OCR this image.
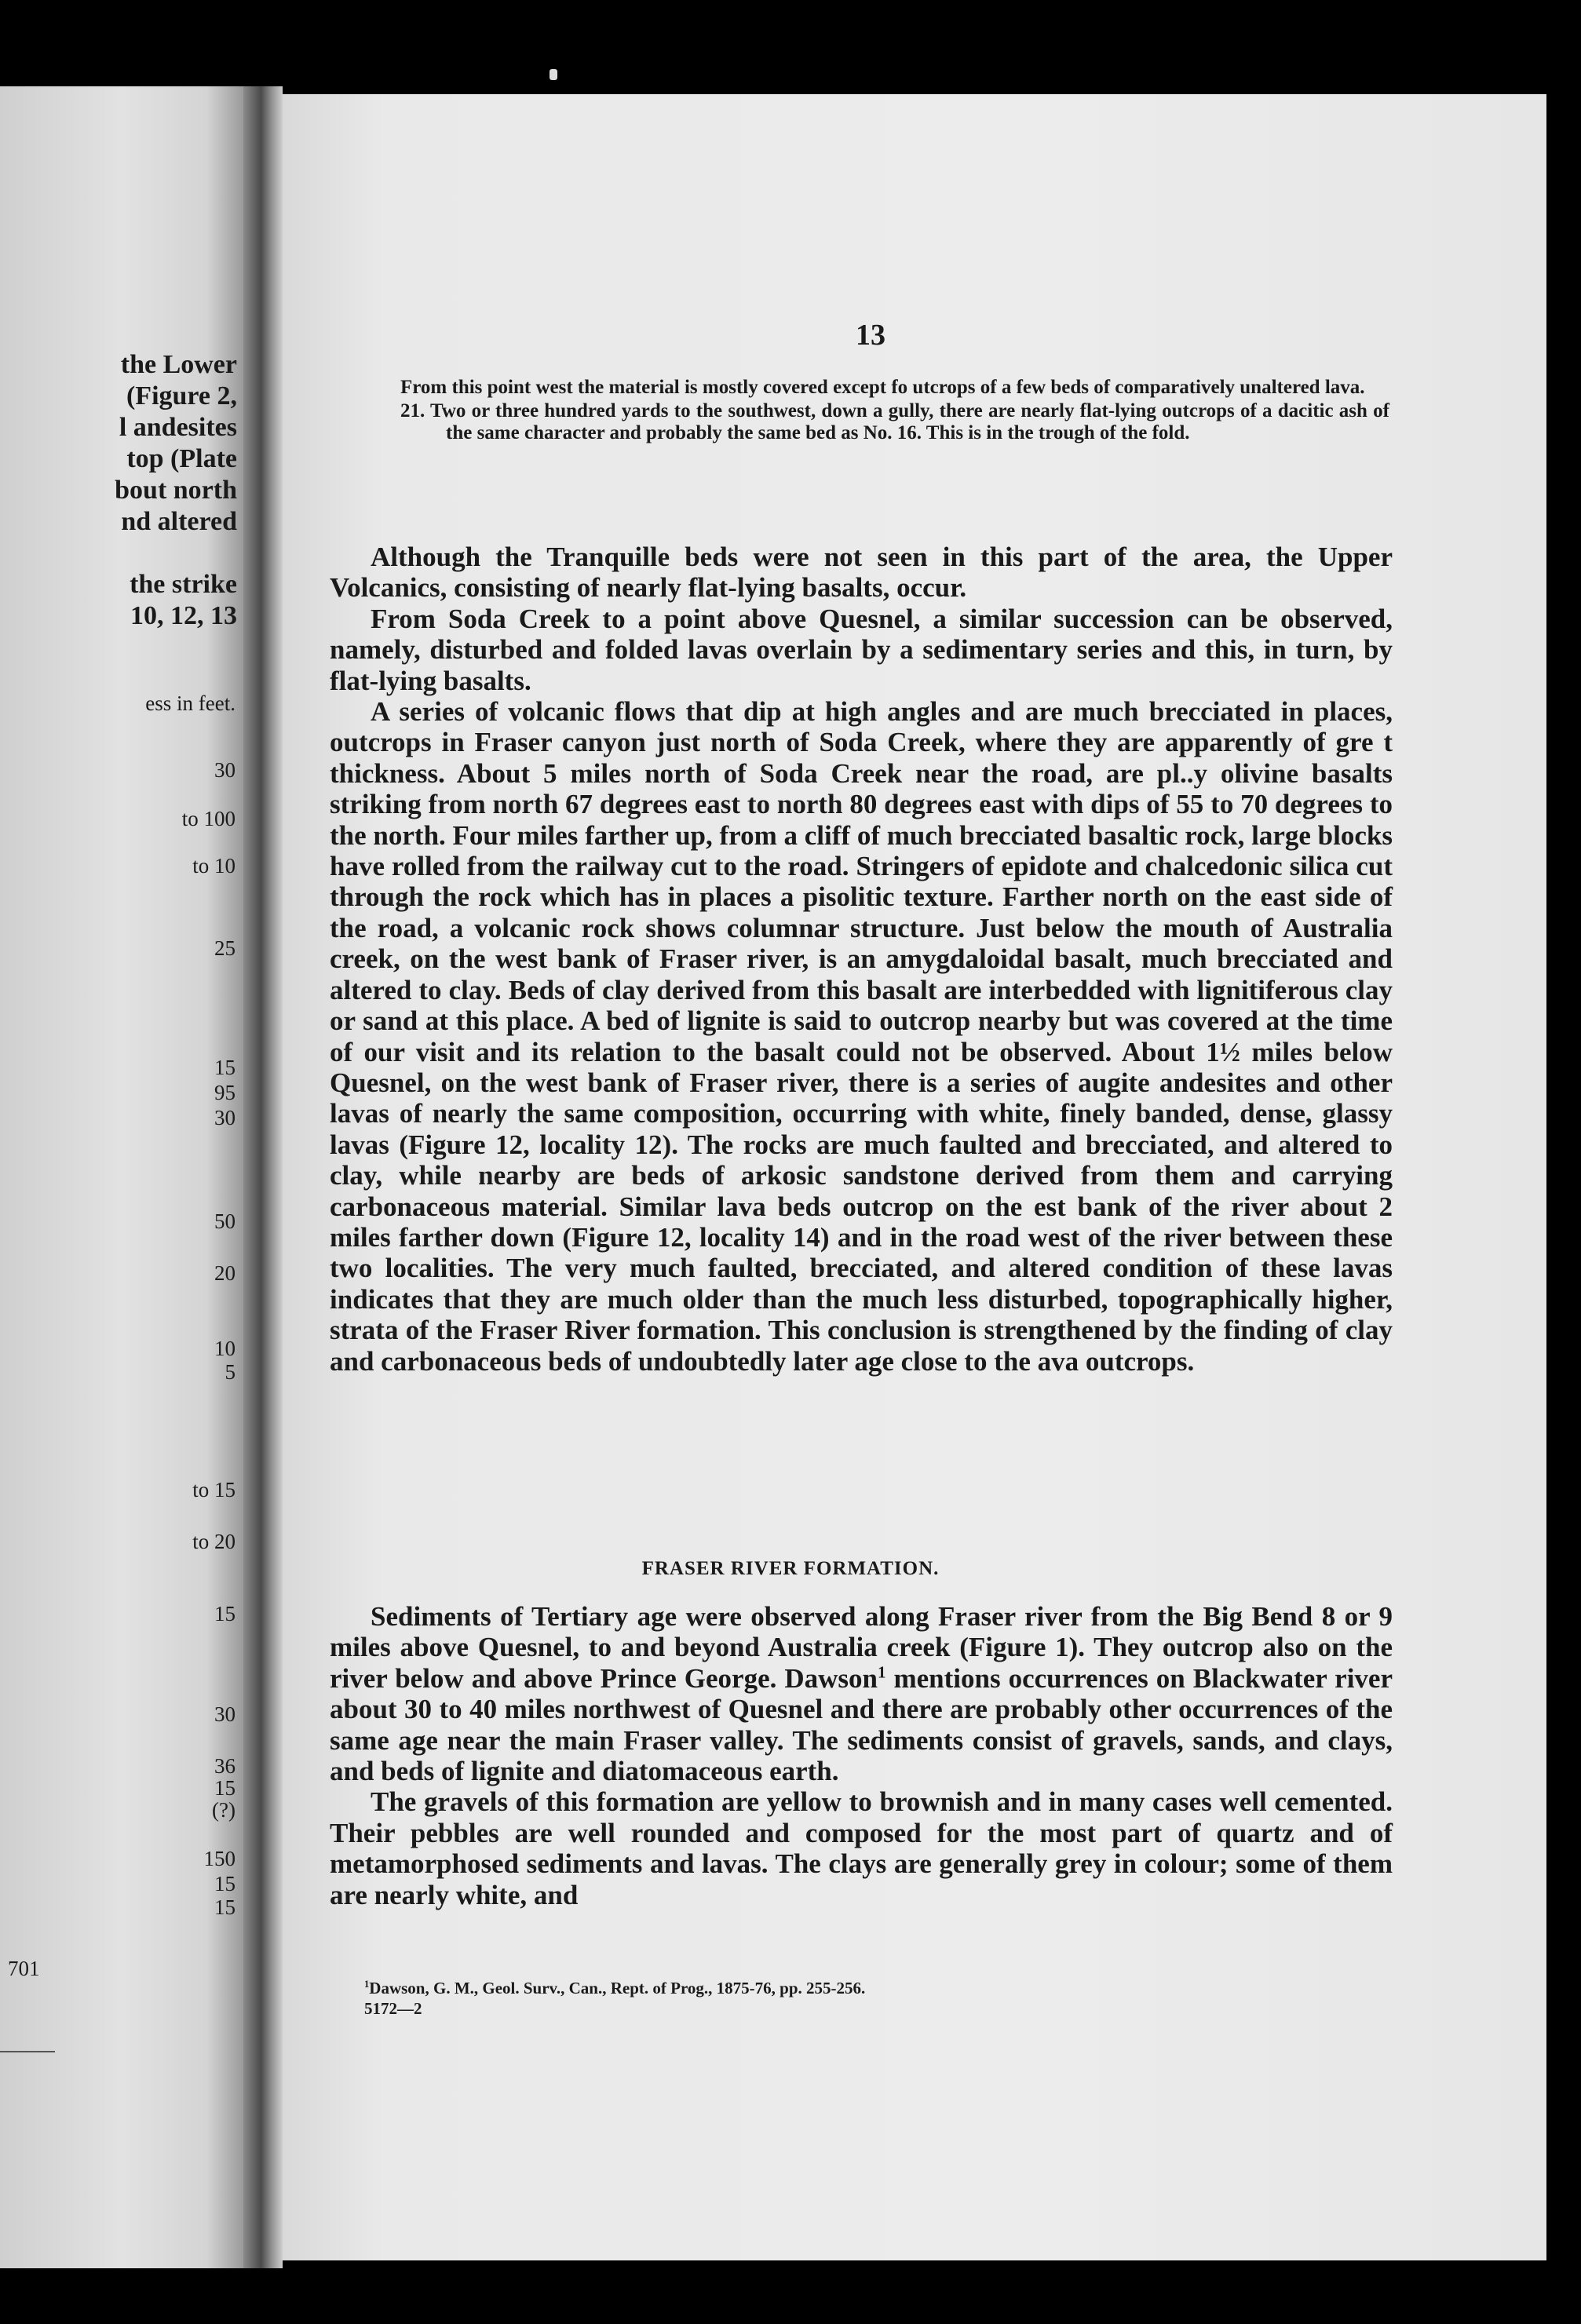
the Lower
(Figure 2,
l andesites
top (Plate
bout north
nd altered
the strike
10, 12, 13
ess in feet.
30
to 100
to 10
25
15
95
30
50
20
10
5
to 15
to 20
15
30
36
15
(?)
150
15
15
701
13

From this point west the material is mostly covered except fo utcrops of a few beds of comparatively unaltered lava.

21. Two or three hundred yards to the southwest, down a gully, there are nearly flat-lying outcrops of a dacitic ash of the same character and probably the same bed as No. 16. This is in the trough of the fold.

Although the Tranquille beds were not seen in this part of the area, the Upper Volcanics, consisting of nearly flat-lying basalts, occur.

From Soda Creek to a point above Quesnel, a similar succession can be observed, namely, disturbed and folded lavas overlain by a sedimentary series and this, in turn, by flat-lying basalts.

A series of volcanic flows that dip at high angles and are much brecciated in places, outcrops in Fraser canyon just north of Soda Creek, where they are apparently of gre t thickness. About 5 miles north of Soda Creek near the road, are pl..y olivine basalts striking from north 67 degrees east to north 80 degrees east with dips of 55 to 70 degrees to the north. Four miles farther up, from a cliff of much brecciated basaltic rock, large blocks have rolled from the railway cut to the road. Stringers of epidote and chalcedonic silica cut through the rock which has in places a pisolitic texture. Farther north on the east side of the road, a volcanic rock shows columnar structure. Just below the mouth of Australia creek, on the west bank of Fraser river, is an amygdaloidal basalt, much brecciated and altered to clay. Beds of clay derived from this basalt are interbedded with lignitiferous clay or sand at this place. A bed of lignite is said to outcrop nearby but was covered at the time of our visit and its relation to the basalt could not be observed. About 1½ miles below Quesnel, on the west bank of Fraser river, there is a series of augite andesites and other lavas of nearly the same composition, occurring with white, finely banded, dense, glassy lavas (Figure 12, locality 12). The rocks are much faulted and brecciated, and altered to clay, while nearby are beds of arkosic sandstone derived from them and carrying carbonaceous material. Similar lava beds outcrop on the est bank of the river about 2 miles farther down (Figure 12, locality 14) and in the road west of the river between these two localities. The very much faulted, brecciated, and altered condition of these lavas indicates that they are much older than the much less disturbed, topographically higher, strata of the Fraser River formation. This conclusion is strengthened by the finding of clay and carbonaceous beds of undoubtedly later age close to the ava outcrops.

FRASER RIVER FORMATION.

Sediments of Tertiary age were observed along Fraser river from the Big Bend 8 or 9 miles above Quesnel, to and beyond Australia creek (Figure 1). They outcrop also on the river below and above Prince George. Dawson$^1$ mentions occurrences on Blackwater river about 30 to 40 miles northwest of Quesnel and there are probably other occurrences of the same age near the main Fraser valley. The sediments consist of gravels, sands, and clays, and beds of lignite and diatomaceous earth.

The gravels of this formation are yellow to brownish and in many cases well cemented. Their pebbles are well rounded and composed for the most part of quartz and of metamorphosed sediments and lavas. The clays are generally grey in colour; some of them are nearly white, and

$^1$Dawson, G. M., Geol. Surv., Can., Rept. of Prog., 1875-76, pp. 255-256.
5172—2
